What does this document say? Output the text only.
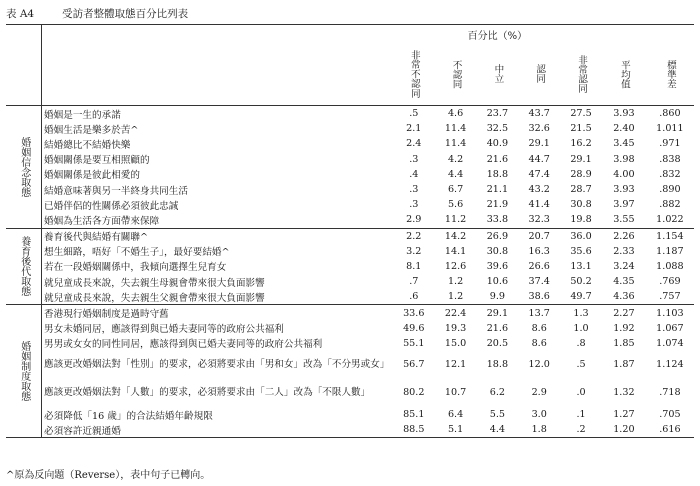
表 A4	受訪者整體取態百分比列表
		百分比（%）						

		非常不認同	不認同	中立	認同	非常認同	平均值	標準差

婚姻信念取態	婚姻是一生的承諾	.5	4.6	23.7	43.7	27.5	3.93	.860
	婚姻生活是樂多於苦^	2.1	11.4	32.5	32.6	21.5	2.40	1.011
	結婚總比不結婚快樂	2.4	11.4	40.9	29.1	16.2	3.45	.971
	婚姻關係是要互相照顧的	.3	4.2	21.6	44.7	29.1	3.98	.838
	婚姻關係是彼此相愛的	.4	4.4	18.8	47.4	28.9	4.00	.832
	結婚意味著與另一半終身共同生活	.3	6.7	21.1	43.2	28.7	3.93	.890
	已婚伴侶的性關係必須彼此忠誠	.3	5.6	21.9	41.4	30.8	3.97	.882
	婚姻為生活各方面帶來保障	2.9	11.2	33.8	32.3	19.8	3.55	1.022

養育後代取態	養育後代與結婚有關聯^	2.2	14.2	26.9	20.7	36.0	2.26	1.154
	想生細路，唔好「不婚生子」，最好要結婚^	3.2	14.1	30.8	16.3	35.6	2.33	1.187
	若在一段婚姻關係中，我傾向選擇生兒育女	8.1	12.6	39.6	26.6	13.1	3.24	1.088
	就兒童成長來說，失去親生母親會帶來很大負面影響	.7	1.2	10.6	37.4	50.2	4.35	.769
	就兒童成長來說，失去親生父親會帶來很大負面影響	.6	1.2	9.9	38.6	49.7	4.36	.757

婚姻制度取態	香港現行婚姻制度是過時守舊	33.6	22.4	29.1	13.7	1.3	2.27	1.103
	男女未婚同居，應該得到與已婚夫妻同等的政府公共福利	49.6	19.3	21.6	8.6	1.0	1.92	1.067
	男男或女女的同性同居，應該得到與已婚夫妻同等的政府公共福利	55.1	15.0	20.5	8.6	.8	1.85	1.074
	應該更改婚姻法對「性別」的要求，必須將要求由「男和女」改為「不分男或女」	56.7	12.1	18.8	12.0	.5	1.87	1.124
	應該更改婚姻法對「人數」的要求，必須將要求由「二人」改為「不限人數」	80.2	10.7	6.2	2.9	.0	1.32	.718
	必須降低「16 歲」的合法結婚年齡規限	85.1	6.4	5.5	3.0	.1	1.27	.705
	必須容許近親通婚	88.5	5.1	4.4	1.8	.2	1.20	.616
^原為反向題（Reverse），表中句子已轉向。
